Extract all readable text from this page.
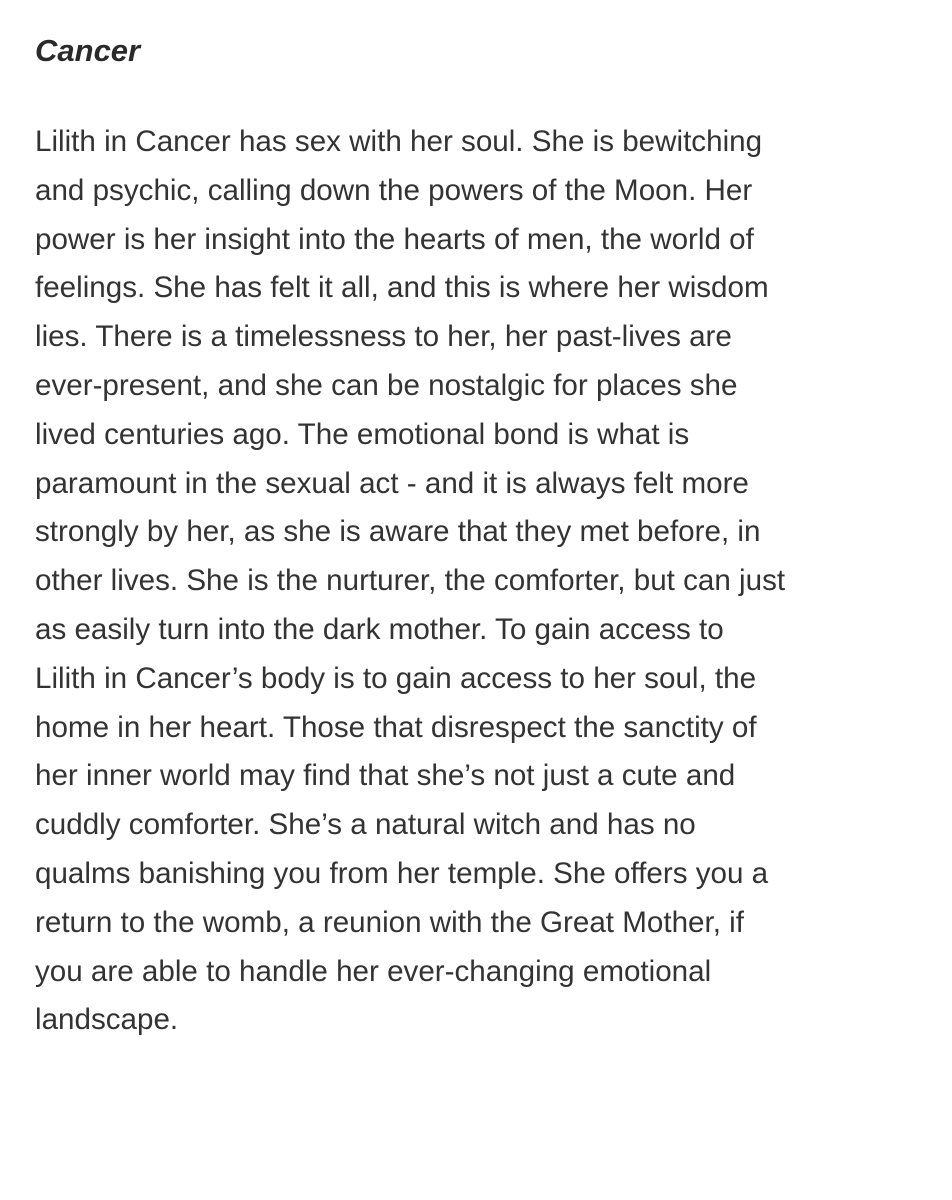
Cancer
Lilith in Cancer has sex with her soul. She is bewitching
and psychic, calling down the powers of the Moon. Her
power is her insight into the hearts of men, the world of
feelings. She has felt it all, and this is where her wisdom
lies. There is a timelessness to her, her past-lives are
ever-present, and she can be nostalgic for places she
lived centuries ago. The emotional bond is what is
paramount in the sexual act - and it is always felt more
strongly by her, as she is aware that they met before, in
other lives. She is the nurturer, the comforter, but can just
as easily turn into the dark mother. To gain access to
Lilith in Cancer’s body is to gain access to her soul, the
home in her heart. Those that disrespect the sanctity of
her inner world may find that she’s not just a cute and
cuddly comforter. She’s a natural witch and has no
qualms banishing you from her temple. She offers you a
return to the womb, a reunion with the Great Mother, if
you are able to handle her ever-changing emotional
landscape.
